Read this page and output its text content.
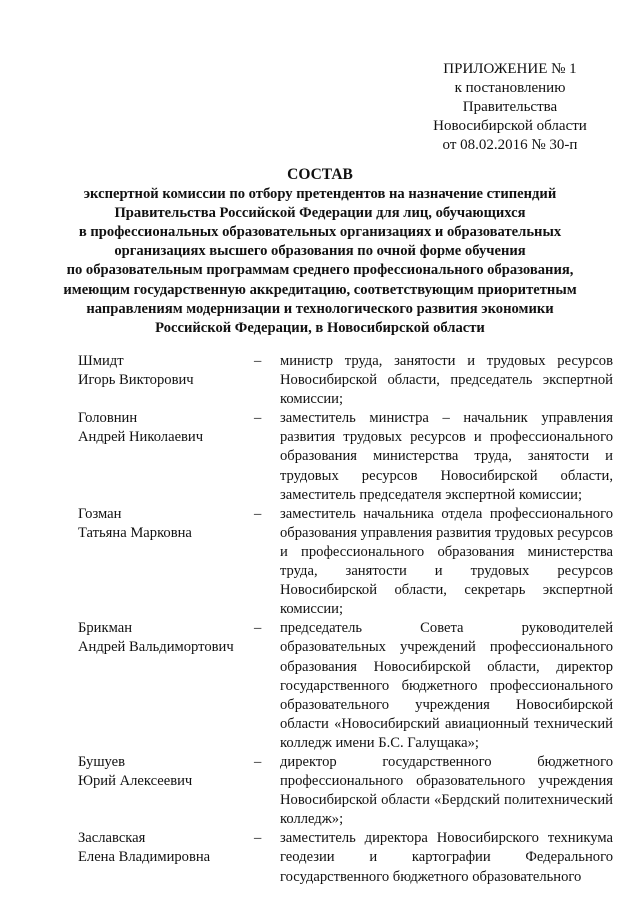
ПРИЛОЖЕНИЕ № 1
к постановлению Правительства
Новосибирской области
от 08.02.2016 № 30-п
СОСТАВ
экспертной комиссии по отбору претендентов на назначение стипендий
Правительства Российской Федерации для лиц, обучающихся
в профессиональных образовательных организациях и образовательных
организациях высшего образования по очной форме обучения
по образовательным программам среднего профессионального образования,
имеющим государственную аккредитацию, соответствующим приоритетным
направлениям модернизации и технологического развития экономики
Российской Федерации, в Новосибирской области
Шмидт
Игорь Викторович
–	министр труда, занятости и трудовых ресурсов Новосибирской области, председатель экспертной комиссии;
Головнин
Андрей Николаевич
–	заместитель министра – начальник управления развития трудовых ресурсов и профессионального образования министерства труда, занятости и трудовых ресурсов Новосибирской области, заместитель председателя экспертной комиссии;
Гозман
Татьяна Марковна
–	заместитель начальника отдела профессионального образования управления развития трудовых ресурсов и профессионального образования министерства труда, занятости и трудовых ресурсов Новосибирской области, секретарь экспертной комиссии;
Брикман
Андрей Вальдимортович
–	председатель Совета руководителей образовательных учреждений профессионального образования Новосибирской области, директор государственного бюджетного профессионального образовательного учреждения Новосибирской области «Новосибирский авиационный технический колледж имени Б.С. Галущака»;
Бушуев
Юрий Алексеевич
–	директор государственного бюджетного профессионального образовательного учреждения Новосибирской области «Бердский политехнический колледж»;
Заславская
Елена Владимировна
–	заместитель директора Новосибирского техникума геодезии и картографии Федерального государственного бюджетного образовательного
